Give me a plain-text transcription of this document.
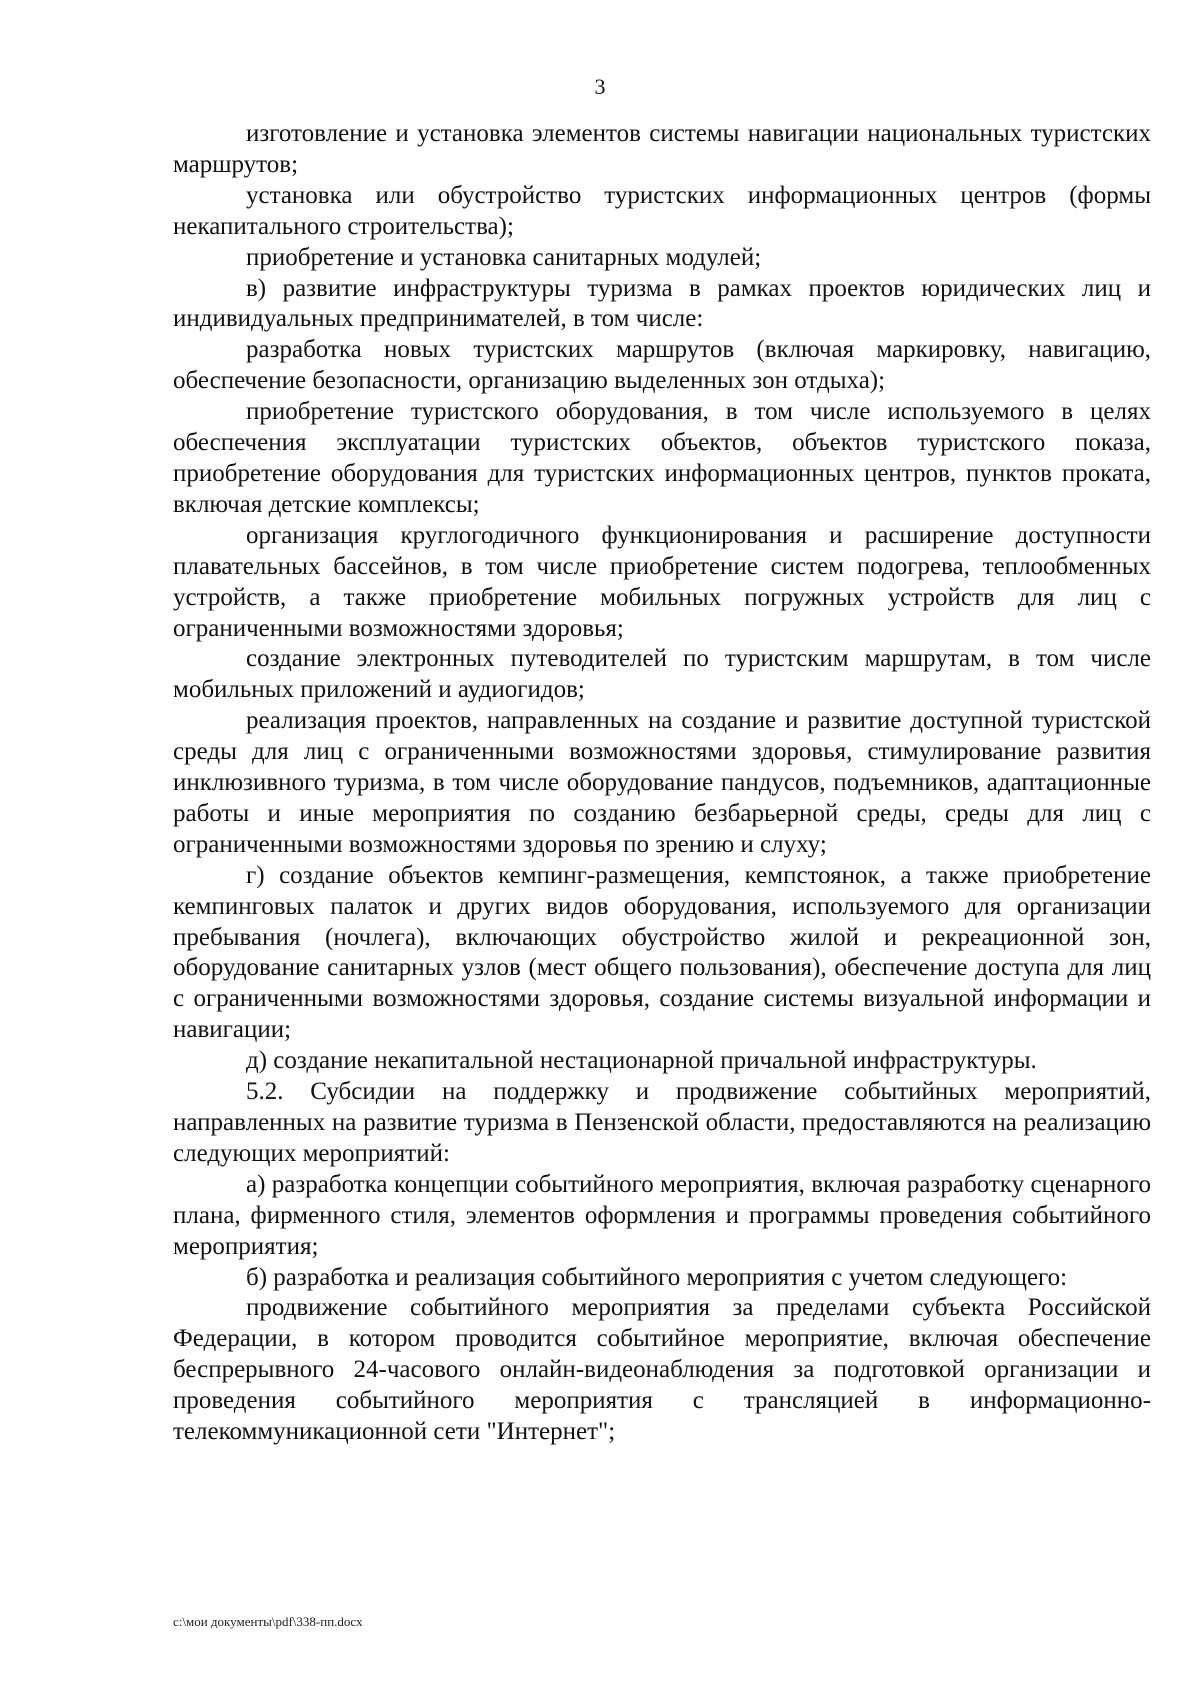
3

изготовление и установка элементов системы навигации национальных туристских маршрутов;

установка или обустройство туристских информационных центров (формы некапитального строительства);

приобретение и установка санитарных модулей;

в) развитие инфраструктуры туризма в рамках проектов юридических лиц и индивидуальных предпринимателей, в том числе:

разработка новых туристских маршрутов (включая маркировку, навигацию, обеспечение безопасности, организацию выделенных зон отдыха);

приобретение туристского оборудования, в том числе используемого в целях обеспечения эксплуатации туристских объектов, объектов туристского показа, приобретение оборудования для туристских информационных центров, пунктов проката, включая детские комплексы;

организация круглогодичного функционирования и расширение доступности плавательных бассейнов, в том числе приобретение систем подогрева, теплообменных устройств, а также приобретение мобильных погружных устройств для лиц с ограниченными возможностями здоровья;

создание электронных путеводителей по туристским маршрутам, в том числе мобильных приложений и аудиогидов;

реализация проектов, направленных на создание и развитие доступной туристской среды для лиц с ограниченными возможностями здоровья, стимулирование развития инклюзивного туризма, в том числе оборудование пандусов, подъемников, адаптационные работы и иные мероприятия по созданию безбарьерной среды, среды для лиц с ограниченными возможностями здоровья по зрению и слуху;

г) создание объектов кемпинг-размещения, кемпстоянок, а также приобретение кемпинговых палаток и других видов оборудования, используемого для организации пребывания (ночлега), включающих обустройство жилой и рекреационной зон, оборудование санитарных узлов (мест общего пользования), обеспечение доступа для лиц с ограниченными возможностями здоровья, создание системы визуальной информации и навигации;

д) создание некапитальной нестационарной причальной инфраструктуры.

5.2. Субсидии на поддержку и продвижение событийных мероприятий, направленных на развитие туризма в Пензенской области, предоставляются на реализацию следующих мероприятий:

а) разработка концепции событийного мероприятия, включая разработку сценарного плана, фирменного стиля, элементов оформления и программы проведения событийного мероприятия;

б) разработка и реализация событийного мероприятия с учетом следующего:

продвижение событийного мероприятия за пределами субъекта Российской Федерации, в котором проводится событийное мероприятие, включая обеспечение беспрерывного 24-часового онлайн-видеонаблюдения за подготовкой организации и проведения событийного мероприятия с трансляцией в информационно-телекоммуникационной сети "Интернет";

c:\мои документы\pdf\338-пп.docx
